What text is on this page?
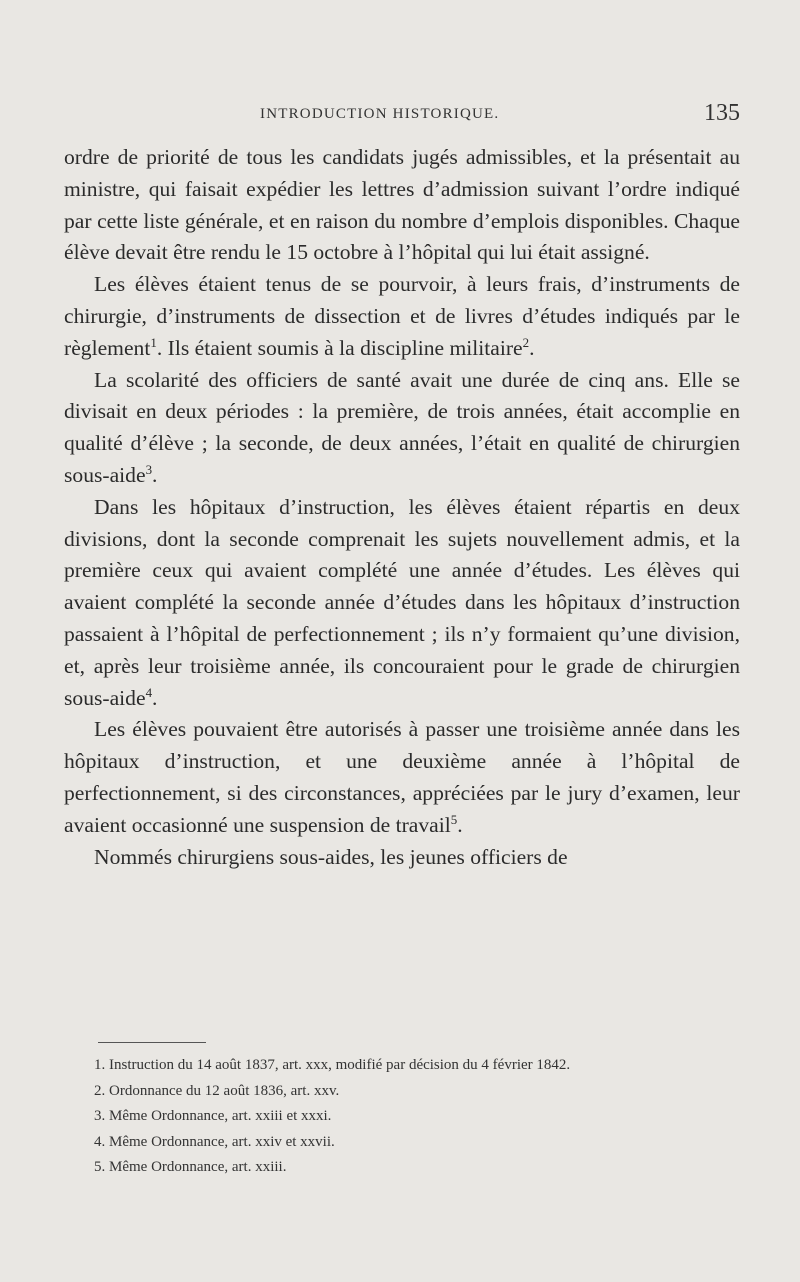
INTRODUCTION HISTORIQUE.	135

ordre de priorité de tous les candidats jugés admissibles, et la présentait au ministre, qui faisait expédier les lettres d’admission suivant l’ordre indiqué par cette liste générale, et en raison du nombre d’emplois disponibles. Chaque élève devait être rendu le 15 octobre à l’hôpital qui lui était assigné.

Les élèves étaient tenus de se pourvoir, à leurs frais, d’instruments de chirurgie, d’instruments de dissection et de livres d’études indiqués par le règlement$^1$. Ils étaient soumis à la discipline militaire$^2$.

La scolarité des officiers de santé avait une durée de cinq ans. Elle se divisait en deux périodes : la première, de trois années, était accomplie en qualité d’élève ; la seconde, de deux années, l’était en qualité de chirurgien sous-aide$^3$.

Dans les hôpitaux d’instruction, les élèves étaient répartis en deux divisions, dont la seconde comprenait les sujets nouvellement admis, et la première ceux qui avaient complété une année d’études. Les élèves qui avaient complété la seconde année d’études dans les hôpitaux d’instruction passaient à l’hôpital de perfectionnement ; ils n’y formaient qu’une division, et, après leur troisième année, ils concouraient pour le grade de chirurgien sous-aide$^4$.

Les élèves pouvaient être autorisés à passer une troisième année dans les hôpitaux d’instruction, et une deuxième année à l’hôpital de perfectionnement, si des circonstances, appréciées par le jury d’examen, leur avaient occasionné une suspension de travail$^5$.

Nommés chirurgiens sous-aides, les jeunes officiers de

1. Instruction du 14 août 1837, art. xxx, modifié par décision du 4 février 1842.
2. Ordonnance du 12 août 1836, art. xxv.
3. Même Ordonnance, art. xxiii et xxxi.
4. Même Ordonnance, art. xxiv et xxvii.
5. Même Ordonnance, art. xxiii.
